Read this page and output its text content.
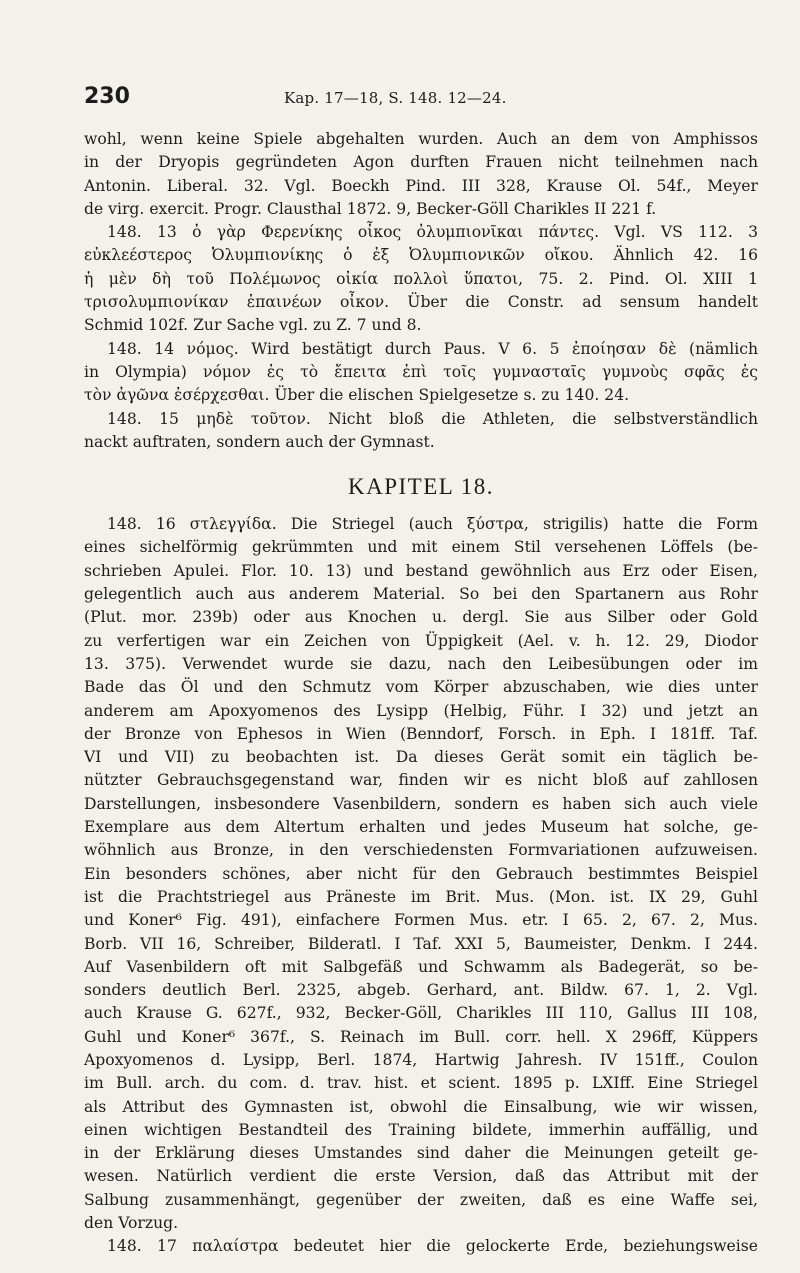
230	Kap. 17—18, S. 148. 12—24.
wohl, wenn keine Spiele abgehalten wurden. Auch an dem von Amphissos
in der Dryopis gegründeten Agon durften Frauen nicht teilnehmen nach
Antonin. Liberal. 32. Vgl. Boeckh Pind. III 328, Krause Ol. 54f., Meyer
de virg. exercit. Progr. Clausthal 1872. 9, Becker-Göll Charikles II 221 f.
148. 13 ὁ γὰρ Φερενίκης οἶκος ὀλυμπιονῖκαι πάντες. Vgl. VS 112. 3
εὐκλεέστερος Ὀλυμπιονίκης ὁ ἐξ Ὀλυμπιονικῶν οἴκου. Ähnlich 42. 16
ἡ μὲν δὴ τοῦ Πολέμωνος οἰκία πολλοὶ ὕπατοι, 75. 2. Pind. Ol. XIII 1
τρισολυμπιονίκαν ἐπαινέων οἶκον. Über die Constr. ad sensum handelt
Schmid 102f. Zur Sache vgl. zu Z. 7 und 8.
148. 14 νόμος. Wird bestätigt durch Paus. V 6. 5 ἐποίησαν δὲ (nämlich
in Olympia) νόμον ἐς τὸ ἔπειτα ἐπὶ τοῖς γυμνασταῖς γυμνοὺς σφᾶς ἐς
τὸν ἀγῶνα ἐσέρχεσθαι. Über die elischen Spielgesetze s. zu 140. 24.
148. 15 μηδὲ τοῦτον. Nicht bloß die Athleten, die selbstverständlich
nackt auftraten, sondern auch der Gymnast.
KAPITEL 18.
148. 16 στλεγγίδα. Die Striegel (auch ξύστρα, strigilis) hatte die Form
eines sichelförmig gekrümmten und mit einem Stil versehenen Löffels (be-
schrieben Apulei. Flor. 10. 13) und bestand gewöhnlich aus Erz oder Eisen,
gelegentlich auch aus anderem Material. So bei den Spartanern aus Rohr
(Plut. mor. 239b) oder aus Knochen u. dergl. Sie aus Silber oder Gold
zu verfertigen war ein Zeichen von Üppigkeit (Ael. v. h. 12. 29, Diodor
13. 375). Verwendet wurde sie dazu, nach den Leibesübungen oder im
Bade das Öl und den Schmutz vom Körper abzuschaben, wie dies unter
anderem am Apoxyomenos des Lysipp (Helbig, Führ. I 32) und jetzt an
der Bronze von Ephesos in Wien (Benndorf, Forsch. in Eph. I 181ff. Taf.
VI und VII) zu beobachten ist. Da dieses Gerät somit ein täglich be-
nützter Gebrauchsgegenstand war, finden wir es nicht bloß auf zahllosen
Darstellungen, insbesondere Vasenbildern, sondern es haben sich auch viele
Exemplare aus dem Altertum erhalten und jedes Museum hat solche, ge-
wöhnlich aus Bronze, in den verschiedensten Formvariationen aufzuweisen.
Ein besonders schönes, aber nicht für den Gebrauch bestimmtes Beispiel
ist die Prachtstriegel aus Präneste im Brit. Mus. (Mon. ist. IX 29, Guhl
und Koner⁶ Fig. 491), einfachere Formen Mus. etr. I 65. 2, 67. 2, Mus.
Borb. VII 16, Schreiber, Bilderatl. I Taf. XXI 5, Baumeister, Denkm. I 244.
Auf Vasenbildern oft mit Salbgefäß und Schwamm als Badegerät, so be-
sonders deutlich Berl. 2325, abgeb. Gerhard, ant. Bildw. 67. 1, 2. Vgl.
auch Krause G. 627f., 932, Becker-Göll, Charikles III 110, Gallus III 108,
Guhl und Koner⁶ 367f., S. Reinach im Bull. corr. hell. X 296ff, Küppers
Apoxyomenos d. Lysipp, Berl. 1874, Hartwig Jahresh. IV 151ff., Coulon
im Bull. arch. du com. d. trav. hist. et scient. 1895 p. LXIff. Eine Striegel
als Attribut des Gymnasten ist, obwohl die Einsalbung, wie wir wissen,
einen wichtigen Bestandteil des Training bildete, immerhin auffällig, und
in der Erklärung dieses Umstandes sind daher die Meinungen geteilt ge-
wesen. Natürlich verdient die erste Version, daß das Attribut mit der
Salbung zusammenhängt, gegenüber der zweiten, daß es eine Waffe sei,
den Vorzug.
148. 17 παλαίστρα bedeutet hier die gelockerte Erde, beziehungsweise
